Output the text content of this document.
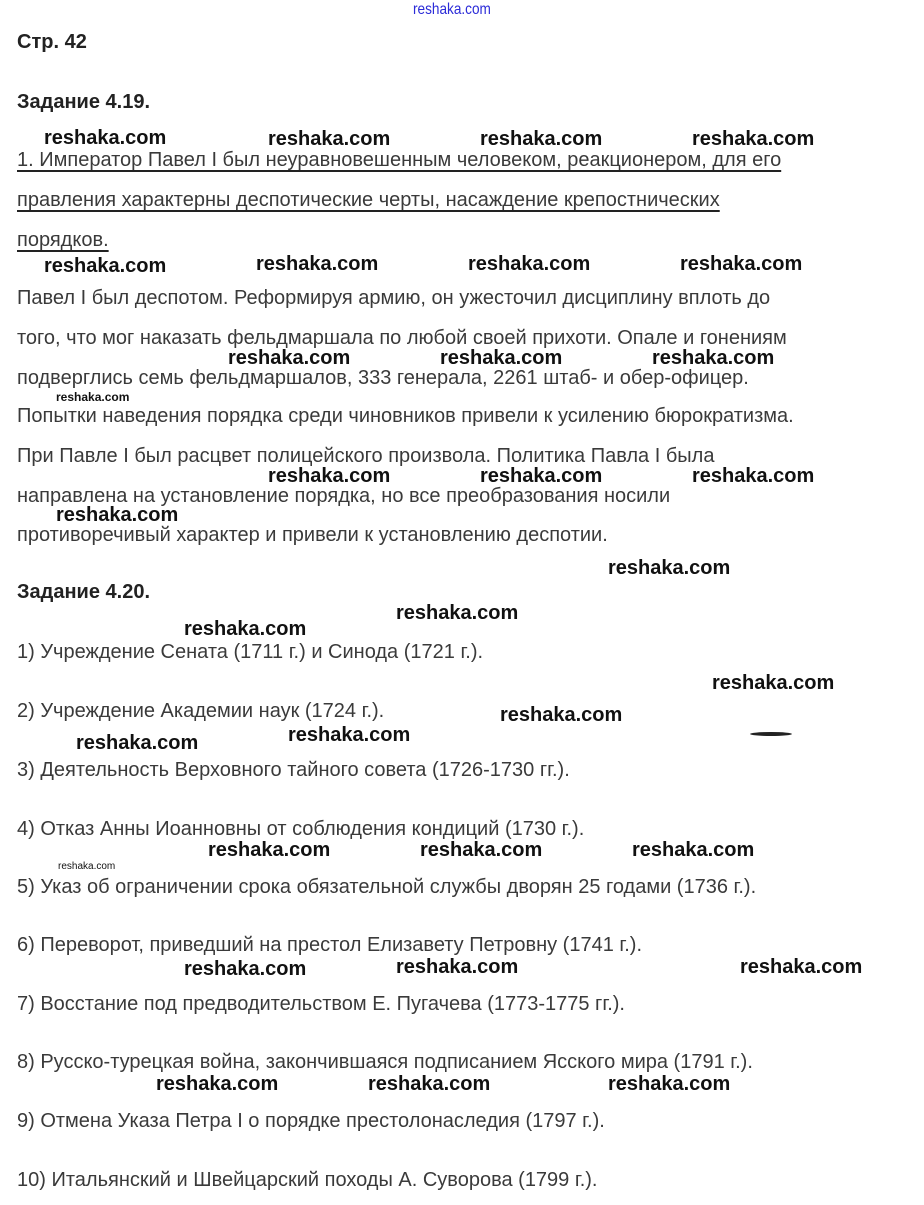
Стр. 42
Задание 4.19.
1. Император Павел I был неуравновешенным человеком, реакционером, для его
правления характерны деспотические черты, насаждение крепостнических
порядков.
Павел I был деспотом. Реформируя армию, он ужесточил дисциплину вплоть до
того, что мог наказать фельдмаршала по любой своей прихоти. Опале и гонениям
подверглись семь фельдмаршалов, 333 генерала, 2261 штаб- и обер-офицер.
Попытки наведения порядка среди чиновников привели к усилению бюрократизма.
При Павле I был расцвет полицейского произвола. Политика Павла I была
направлена на установление порядка, но все преобразования носили
противоречивый характер и привели к установлению деспотии.
Задание 4.20.
1) Учреждение Сената (1711 г.) и Синода (1721 г.).
2) Учреждение Академии наук (1724 г.).
3) Деятельность Верховного тайного совета (1726-1730 гг.).
4) Отказ Анны Иоанновны от соблюдения кондиций (1730 г.).
5) Указ об ограничении срока обязательной службы дворян 25 годами (1736 г.).
6) Переворот, приведший на престол Елизавету Петровну (1741 г.).
7) Восстание под предводительством Е. Пугачева (1773-1775 гг.).
8) Русско-турецкая война, закончившаяся подписанием Ясского мира (1791 г.).
9) Отмена Указа Петра I о порядке престолонаследия (1797 г.).
10) Итальянский и Швейцарский походы А. Суворова (1799 г.).
reshaka.com
reshaka.com	reshaka.com	reshaka.com	reshaka.com
reshaka.com	reshaka.com	reshaka.com	reshaka.com
reshaka.com
reshaka.com	reshaka.com	reshaka.com
reshaka.com	reshaka.com	reshaka.com
reshaka.com
reshaka.com
reshaka.com
reshaka.com
reshaka.com
reshaka.com
reshaka.com	reshaka.com
reshaka.com
reshaka.com	reshaka.com	reshaka.com
reshaka.com
reshaka.com	reshaka.com
reshaka.com	reshaka.com	reshaka.com
